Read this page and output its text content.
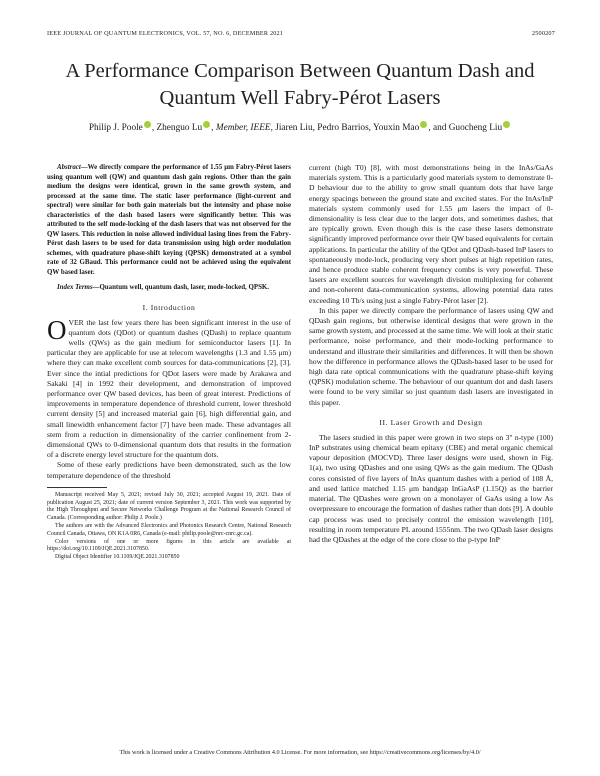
IEEE JOURNAL OF QUANTUM ELECTRONICS, VOL. 57, NO. 6, DECEMBER 2021	2500207
A Performance Comparison Between Quantum Dash and Quantum Well Fabry-Pérot Lasers
Philip J. Poole , Zhenguo Lu , Member, IEEE, Jiaren Liu, Pedro Barrios, Youxin Mao , and Guocheng Liu

Abstract—We directly compare the performance of 1.55 μm Fabry-Pérot lasers using quantum well (QW) and quantum dash gain regions. Other than the gain medium the designs were identical, grown in the same growth system, and processed at the same time. The static laser performance (light-current and spectral) were similar for both gain materials but the intensity and phase noise characteristics of the dash based lasers were significantly better. This was attributed to the self mode-locking of the dash lasers that was not observed for the QW lasers. This reduction in noise allowed individual lasing lines from the Fabry-Pérot dash lasers to be used for data transmission using high order modulation schemes, with quadrature phase-shift keying (QPSK) demonstrated at a symbol rate of 32 GBaud. This performance could not be achieved using the equivalent QW based laser.

Index Terms—Quantum well, quantum dash, laser, mode-locked, QPSK.

I. Introduction

OVER the last few years there has been significant interest in the use of quantum dots (QDot) or quantum dashes (QDash) to replace quantum wells (QWs) as the gain medium for semiconductor lasers [1]. In particular they are applicable for use at telecom wavelengths (1.3 and 1.55 μm) where they can make excellent comb sources for data-communications [2], [3]. Ever since the intial predictions for QDot lasers were made by Arakawa and Sakaki [4] in 1992 their development, and demonstration of improved performance over QW based devices, has been of great interest. Predictions of improvements in temperature dependence of threshold current, lower threshold current density [5] and increased material gain [6], high differential gain, and small linewidth enhancement factor [7] have been made. These advantages all stem from a reduction in dimensionality of the carrier confinement from 2-dimensional QWs to 0-dimensional quantum dots that results in the formation of a discrete energy level structure for the quantum dots.

Some of these early predictions have been demonstrated, such as the low temperature dependence of the threshold

Manuscript received May 5, 2021; revised July 30, 2021; accepted August 19, 2021. Date of publication August 25, 2021; date of current version September 3, 2021. This work was supported by the High Throughput and Secure Networks Challenge Program at the National Research Council of Canada. (Corresponding author: Philip J. Poole.)

The authors are with the Advanced Electronics and Photonics Research Centre, National Research Council Canada, Ottawa, ON K1A 0R6, Canada (e-mail: philip.poole@nrc-cnrc.gc.ca).

Color versions of one or more figures in this article are available at https://doi.org/10.1109/JQE.2021.3107850.

Digital Object Identifier 10.1109/JQE.2021.3107850

current (high T0) [8], with most demonstrations being in the InAs/GaAs materials system. This is a particularly good materials system to demonstrate 0-D behaviour due to the ability to grow small quantum dots that have large energy spacings between the ground state and excited states. For the InAs/InP materials system commonly used for 1.55 μm lasers the impact of 0-dimensionality is less clear due to the larger dots, and sometimes dashes, that are typically grown. Even though this is the case these lasers demonstrate significantly improved performance over their QW based equivalents for certain applications. In particular the ability of the QDot and QDash-based InP lasers to spontaneously mode-lock, producing very short pulses at high repetition rates, and hence produce stable coherent frequency combs is very powerful. These lasers are excellent sources for wavelength division multiplexing for coherent and non-coherent data-communication systems, allowing potential data rates exceeding 10 Tb/s using just a single Fabry-Pérot laser [2].

In this paper we directly compare the performance of lasers using QW and QDash gain regions, but otherwise identical designs that were grown in the same growth system, and processed at the same time. We will look at their static performance, noise performance, and their mode-locking performance to understand and illustrate their similarities and differences. It will then be shown how the difference in performance allows the QDash-based laser to be used for high data rate optical communications with the quadrature phase-shift keying (QPSK) modulation scheme. The behaviour of our quantum dot and dash lasers were found to be very similar so just quantum dash lasers are investigated in this paper.

II. Laser Growth and Design

The lasers studied in this paper were grown in two steps on 3" n-type (100) InP substrates using chemical beam epitaxy (CBE) and metal organic chemical vapour deposition (MOCVD). Three laser designs were used, shown in Fig. 1(a), two using QDashes and one using QWs as the gain medium. The QDash cores consisted of five layers of InAs quantum dashes with a period of 108 Å, and used lattice matched 1.15 μm bandgap InGaAsP (1.15Q) as the barrier material. The QDashes were grown on a monolayer of GaAs using a low As overpressure to encourage the formation of dashes rather than dots [9]. A double cap process was used to precisely control the emission wavelength [10], resulting in room temperature PL around 1555nm. The two QDash laser designs had the QDashes at the edge of the core close to the p-type InP

This work is licensed under a Creative Commons Attribution 4.0 License. For more information, see https://creativecommons.org/licenses/by/4.0/
